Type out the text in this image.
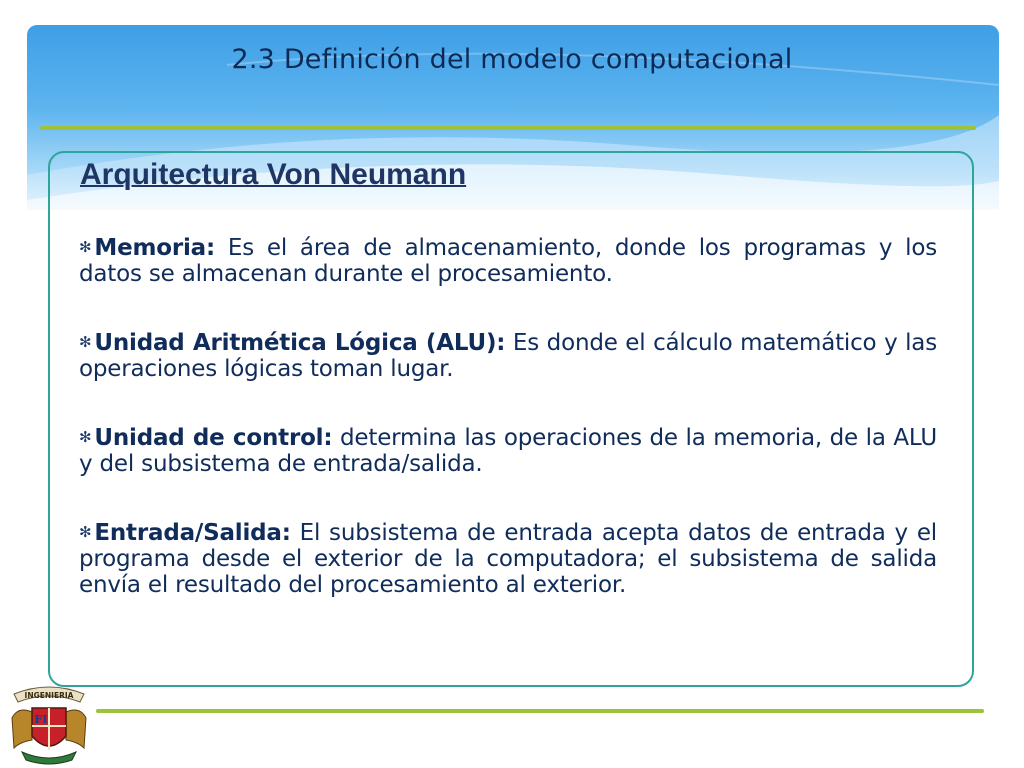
2.3 Definición del modelo computacional
Arquitectura Von Neumann
✻ Memoria: Es el área de almacenamiento, donde los programas y los datos se almacenan durante el procesamiento.
✻ Unidad Aritmética Lógica (ALU): Es donde el cálculo matemático y las operaciones lógicas toman lugar.
✻ Unidad de control: determina las operaciones de la memoria, de la ALU y del subsistema de entrada/salida.
✻ Entrada/Salida: El subsistema de entrada acepta datos de entrada y el programa desde el exterior de la computadora; el subsistema de salida envía el resultado del procesamiento al exterior.
INGENIERIA
FI
